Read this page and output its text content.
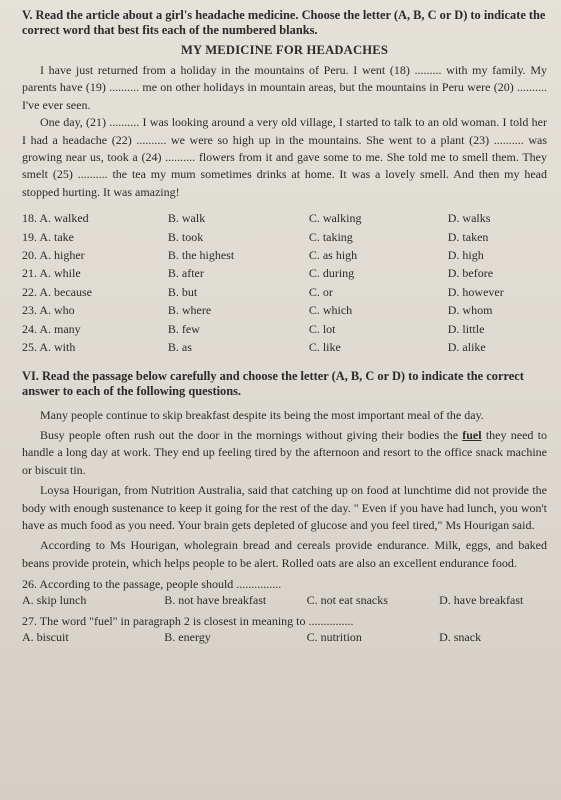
V. Read the article about a girl's headache medicine. Choose the letter (A, B, C or D) to indicate the correct word that best fits each of the numbered blanks.

MY MEDICINE FOR HEADACHES

I have just returned from a holiday in the mountains of Peru. I went (18) ......... with my family. My parents have (19) .......... me on other holidays in mountain areas, but the mountains in Peru were (20) .......... I've ever seen.

One day, (21) .......... I was looking around a very old village, I started to talk to an old woman. I told her I had a headache (22) .......... we were so high up in the mountains. She went to a plant (23) .......... was growing near us, took a (24) .......... flowers from it and gave some to me. She told me to smell them. They smelt (25) .......... the tea my mum sometimes drinks at home. It was a lovely smell. And then my head stopped hurting. It was amazing!

18. A. walked	B. walk	C. walking	D. walks
19. A. take	B. took	C. taking	D. taken
20. A. higher	B. the highest	C. as high	D. high
21. A. while	B. after	C. during	D. before
22. A. because	B. but	C. or	D. however
23. A. who	B. where	C. which	D. whom
24. A. many	B. few	C. lot	D. little
25. A. with	B. as	C. like	D. alike

VI. Read the passage below carefully and choose the letter (A, B, C or D) to indicate the correct answer to each of the following questions.

Many people continue to skip breakfast despite its being the most important meal of the day.

Busy people often rush out the door in the mornings without giving their bodies the fuel they need to handle a long day at work. They end up feeling tired by the afternoon and resort to the office snack machine or biscuit tin.

Loysa Hourigan, from Nutrition Australia, said that catching up on food at lunchtime did not provide the body with enough sustenance to keep it going for the rest of the day. " Even if you have had lunch, you won't have as much food as you need. Your brain gets depleted of glucose and you feel tired," Ms Hourigan said.

According to Ms Hourigan, wholegrain bread and cereals provide endurance. Milk, eggs, and baked beans provide protein, which helps people to be alert. Rolled oats are also an excellent endurance food.

26. According to the passage, people should ...............
A. skip lunch	B. not have breakfast	C. not eat snacks	D. have breakfast
27. The word "fuel" in paragraph 2 is closest in meaning to ...............
A. biscuit	B. energy	C. nutrition	D. snack
